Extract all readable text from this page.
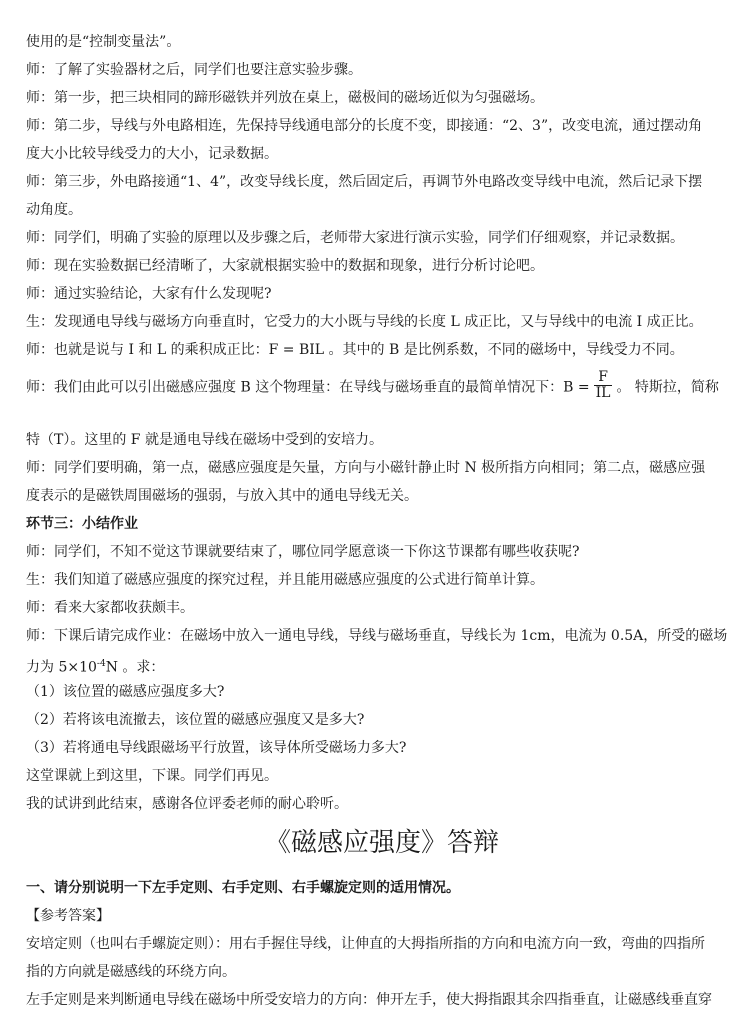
使用的是“控制变量法”。
师：了解了实验器材之后，同学们也要注意实验步骤。
师：第一步，把三块相同的蹄形磁铁并列放在桌上，磁极间的磁场近似为匀强磁场。
师：第二步，导线与外电路相连，先保持导线通电部分的长度不变，即接通：“2、3”，改变电流，通过摆动角
度大小比较导线受力的大小，记录数据。
师：第三步，外电路接通“1、4”，改变导线长度，然后固定后，再调节外电路改变导线中电流，然后记录下摆
动角度。
师：同学们，明确了实验的原理以及步骤之后，老师带大家进行演示实验，同学们仔细观察，并记录数据。
师：现在实验数据已经清晰了，大家就根据实验中的数据和现象，进行分析讨论吧。
师：通过实验结论，大家有什么发现呢?
生：发现通电导线与磁场方向垂直时，它受力的大小既与导线的长度 L 成正比，又与导线中的电流 I 成正比。
师：也就是说与 I 和 L 的乘积成正比：F = BIL 。其中的 B 是比例系数，不同的磁场中，导线受力不同。
师：我们由此可以引出磁感应强度 B 这个物理量：在导线与磁场垂直的最简单情况下：$B = \frac{F}{IL}$ 。 特斯拉，简称
特（T）。这里的 F 就是通电导线在磁场中受到的安培力。
师：同学们要明确，第一点，磁感应强度是矢量，方向与小磁针静止时 N 极所指方向相同；第二点，磁感应强
度表示的是磁铁周围磁场的强弱，与放入其中的通电导线无关。
环节三：小结作业
师：同学们，不知不觉这节课就要结束了，哪位同学愿意谈一下你这节课都有哪些收获呢?
生：我们知道了磁感应强度的探究过程，并且能用磁感应强度的公式进行简单计算。
师：看来大家都收获颇丰。
师：下课后请完成作业：在磁场中放入一通电导线，导线与磁场垂直，导线长为 1cm，电流为 0.5A，所受的磁场
力为 $5\times 10^{-4}N$ 。求：
（1）该位置的磁感应强度多大?
（2）若将该电流撤去，该位置的磁感应强度又是多大?
（3）若将通电导线跟磁场平行放置，该导体所受磁场力多大?
这堂课就上到这里，下课。同学们再见。
我的试讲到此结束，感谢各位评委老师的耐心聆听。
《磁感应强度》答辩
一、请分别说明一下左手定则、右手定则、右手螺旋定则的适用情况。
【参考答案】
安培定则（也叫右手螺旋定则）：用右手握住导线，让伸直的大拇指所指的方向和电流方向一致，弯曲的四指所
指的方向就是磁感线的环绕方向。
左手定则是来判断通电导线在磁场中所受安培力的方向：伸开左手，使大拇指跟其余四指垂直，让磁感线垂直穿
